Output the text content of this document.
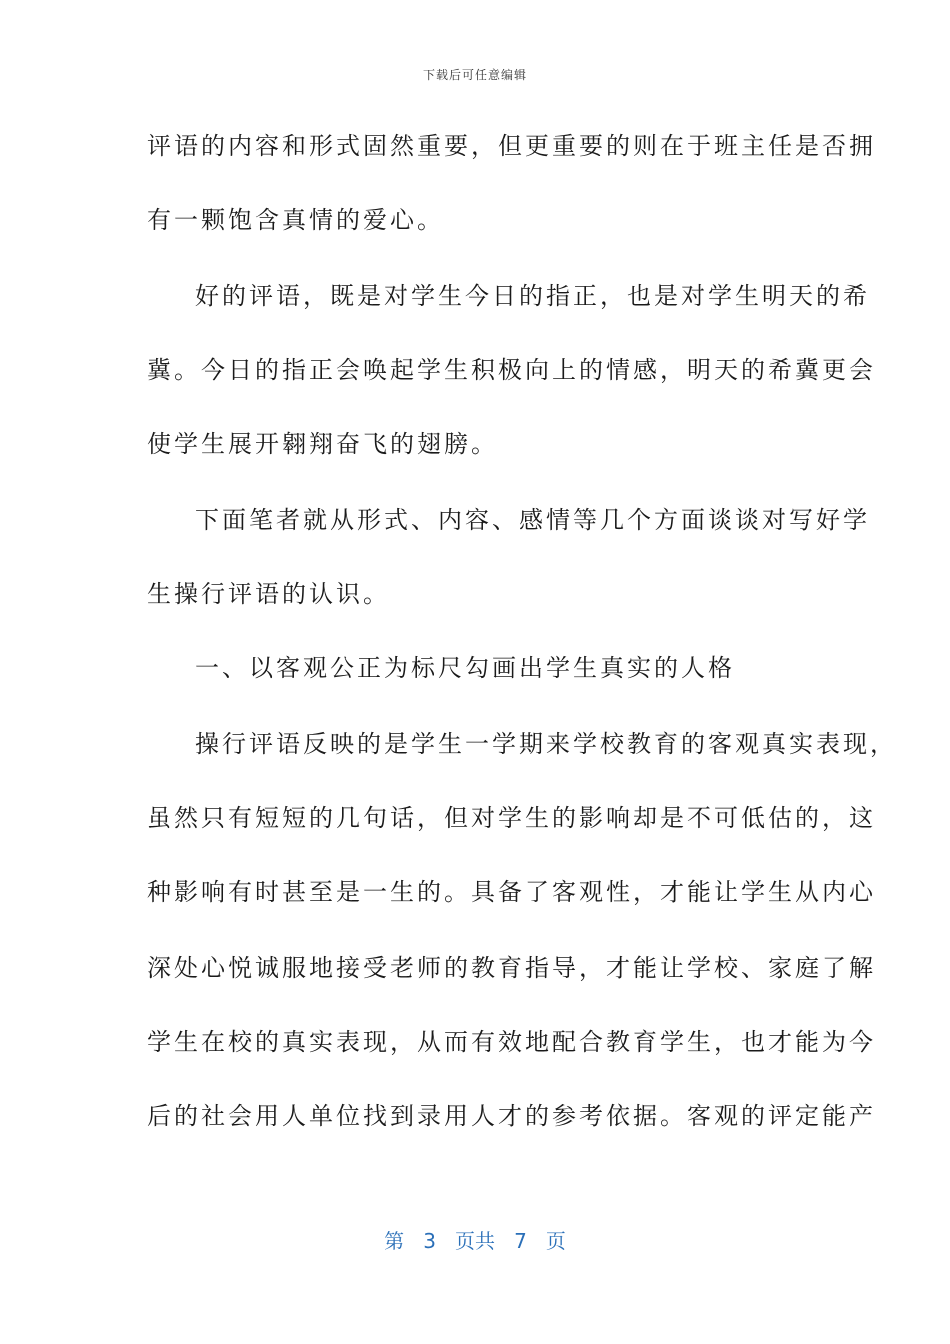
下载后可任意编辑
评语的内容和形式固然重要，但更重要的则在于班主任是否拥
有一颗饱含真情的爱心。
好的评语，既是对学生今日的指正，也是对学生明天的希
冀。今日的指正会唤起学生积极向上的情感，明天的希冀更会
使学生展开翱翔奋飞的翅膀。
下面笔者就从形式、内容、感情等几个方面谈谈对写好学
生操行评语的认识。
一、以客观公正为标尺勾画出学生真实的人格
操行评语反映的是学生一学期来学校教育的客观真实表现，
虽然只有短短的几句话，但对学生的影响却是不可低估的，这
种影响有时甚至是一生的。具备了客观性，才能让学生从内心
深处心悦诚服地接受老师的教育指导，才能让学校、家庭了解
学生在校的真实表现，从而有效地配合教育学生，也才能为今
后的社会用人单位找到录用人才的参考依据。客观的评定能产
第 3 页共 7 页
